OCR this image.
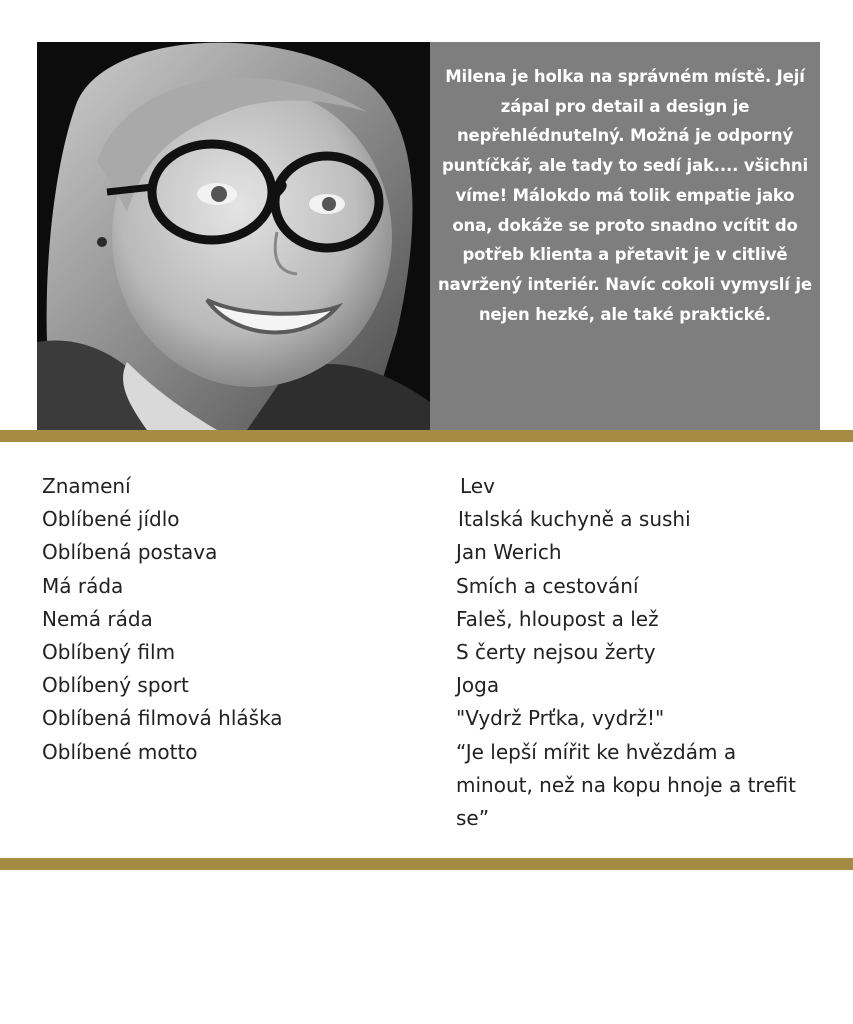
Milena je holka na správném místě. Její zápal pro detail a design je nepřehlédnutelný. Možná je odporný puntíčkář, ale tady to sedí jak.... všichni víme! Málokdo má tolik empatie jako ona, dokáže se proto snadno vcítit do potřeb klienta a přetavit je v citlivě navržený interiér. Navíc cokoli vymyslí je nejen hezké, ale také praktické.

Znamení	Lev
Oblíbené jídlo	Italská kuchyně a sushi
Oblíbená postava	Jan Werich
Má ráda	Smích a cestování
Nemá ráda	Faleš, hloupost a lež
Oblíbený film	S čerty nejsou žerty
Oblíbený sport	Joga
Oblíbená filmová hláška	"Vydrž Prťka, vydrž!"
Oblíbené motto	“Je lepší mířit ke hvězdám a minout, než na kopu hnoje a trefit se”
